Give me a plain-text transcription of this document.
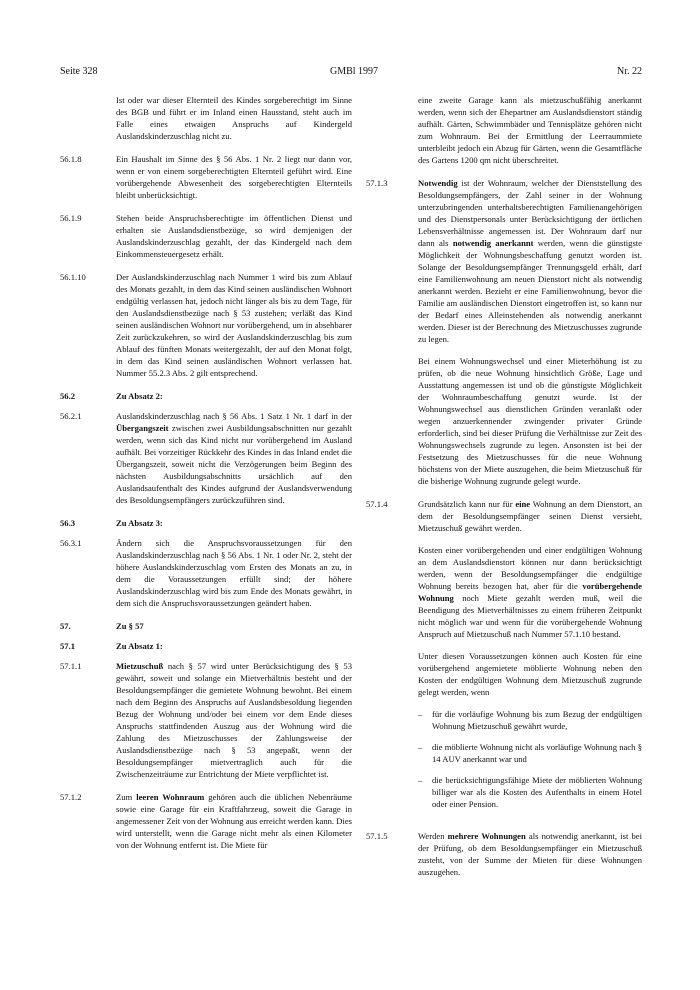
Seite 328	GMBl 1997	Nr. 22
Ist oder war dieser Elternteil des Kindes sorgeberechtigt im Sinne des BGB und führt er im Inland einen Hausstand, steht auch im Falle eines etwaigen Anspruchs auf Kindergeld Auslandskinderzuschlag nicht zu.
56.1.8	Ein Haushalt im Sinne des § 56 Abs. 1 Nr. 2 liegt nur dann vor, wenn er von einem sorgeberechtigten Elternteil geführt wird. Eine vorübergehende Abwesenheit des sorgeberechtigten Elternteils bleibt unberücksichtigt.
56.1.9	Stehen beide Anspruchsberechtigte im öffentlichen Dienst und erhalten sie Auslandsdienstbezüge, so wird demjenigen der Auslandskinderzuschlag gezahlt, der das Kindergeld nach dem Einkommensteuergesetz erhält.
56.1.10	Der Auslandskinderzuschlag nach Nummer 1 wird bis zum Ablauf des Monats gezahlt, in dem das Kind seinen ausländischen Wohnort endgültig verlassen hat, jedoch nicht länger als bis zu dem Tage, für den Auslandsdienstbezüge nach § 53 zustehen; verläßt das Kind seinen ausländischen Wohnort nur vorübergehend, um in absehbarer Zeit zurückzukehren, so wird der Auslandskinderzuschlag bis zum Ablauf des fünften Monats weitergezahlt, der auf den Monat folgt, in dem das Kind seinen ausländischen Wohnort verlassen hat. Nummer 55.2.3 Abs. 2 gilt entsprechend.
56.2	Zu Absatz 2:
56.2.1	Auslandskinderzuschlag nach § 56 Abs. 1 Satz 1 Nr. 1 darf in der Übergangszeit zwischen zwei Ausbildungsabschnitten nur gezahlt werden, wenn sich das Kind nicht nur vorübergehend im Ausland aufhält. Bei vorzeitiger Rückkehr des Kindes in das Inland endet die Übergangszeit, soweit nicht die Verzögerungen beim Beginn des nächsten Ausbildungsabschnitts ursächlich auf den Auslandsaufenthalt des Kindes aufgrund der Auslandsverwendung des Besoldungsempfängers zurückzuführen sind.
56.3	Zu Absatz 3:
56.3.1	Ändern sich die Anspruchsvoraussetzungen für den Auslandskinderzuschlag nach § 56 Abs. 1 Nr. 1 oder Nr. 2, steht der höhere Auslandskinderzuschlag vom Ersten des Monats an zu, in dem die Voraussetzungen erfüllt sind; der höhere Auslandskinderzuschlag wird bis zum Ende des Monats gewährt, in dem sich die Anspruchsvoraussetzungen geändert haben.
57.	Zu § 57
57.1	Zu Absatz 1:
57.1.1	Mietzuschuß nach § 57 wird unter Berücksichtigung des § 53 gewährt, soweit und solange ein Mietverhältnis besteht und der Besoldungsempfänger die gemietete Wohnung bewohnt. Bei einem nach dem Beginn des Anspruchs auf Auslandsbesoldung liegenden Bezug der Wohnung und/oder bei einem vor dem Ende dieses Anspruchs stattfindenden Auszug aus der Wohnung wird die Zahlung des Mietzuschusses der Zahlungsweise der Auslandsdienstbezüge nach § 53 angepaßt, wenn der Besoldungsempfänger mietvertraglich auch für die Zwischenzeiträume zur Entrichtung der Miete verpflichtet ist.
57.1.2	Zum leeren Wohnraum gehören auch die üblichen Nebenräume sowie eine Garage für ein Kraftfahrzeug, soweit die Garage in angemessener Zeit von der Wohnung aus erreicht werden kann. Dies wird unterstellt, wenn die Garage nicht mehr als einen Kilometer von der Wohnung entfernt ist. Die Miete für
eine zweite Garage kann als mietzuschußfähig anerkannt werden, wenn sich der Ehepartner am Auslandsdienstort ständig aufhält. Gärten, Schwimmbäder und Tennisplätze gehören nicht zum Wohnraum. Bei der Ermittlung der Leerraummiete unterbleibt jedoch ein Abzug für Gärten, wenn die Gesamtfläche des Gartens 1200 qm nicht überschreitet.
57.1.3	Notwendig ist der Wohnraum, welcher der Dienststellung des Besoldungsempfängers, der Zahl seiner in der Wohnung unterzubringenden unterhaltsberechtigten Familienangehörigen und des Dienstpersonals unter Berücksichtigung der örtlichen Lebensverhältnisse angemessen ist. Der Wohnraum darf nur dann als notwendig anerkannt werden, wenn die günstigste Möglichkeit der Wohnungsbeschaffung genutzt worden ist. Solange der Besoldungsempfänger Trennungsgeld erhält, darf eine Familienwohnung am neuen Dienstort nicht als notwendig anerkannt werden. Bezieht er eine Familienwohnung, bevor die Familie am ausländischen Dienstort eingetroffen ist, so kann nur der Bedarf eines Alleinstehenden als notwendig anerkannt werden. Dieser ist der Berechnung des Mietzuschusses zugrunde zu legen.

Bei einem Wohnungswechsel und einer Mieterhöhung ist zu prüfen, ob die neue Wohnung hinsichtlich Größe, Lage und Ausstattung angemessen ist und ob die günstigste Möglichkeit der Wohnraumbeschaffung genutzt wurde. Ist der Wohnungswechsel aus dienstlichen Gründen veranlaßt oder wegen anzuerkennender zwingender privater Gründe erforderlich, sind bei dieser Prüfung die Verhältnisse zur Zeit des Wohnungswechsels zugrunde zu legen. Ansonsten ist bei der Festsetzung des Mietzuschusses für die neue Wohnung höchstens von der Miete auszugehen, die beim Mietzuschuß für die bisherige Wohnung zugrunde gelegt wurde.

57.1.4	Grundsätzlich kann nur für eine Wohnung an dem Dienstort, an dem der Besoldungsempfänger seinen Dienst versieht, Mietzuschuß gewährt werden.

Kosten einer vorübergehenden und einer endgültigen Wohnung an dem Auslandsdienstort können nur dann berücksichtigt werden, wenn der Besoldungsempfänger die endgültige Wohnung bereits bezogen hat, aber für die vorübergehende Wohnung noch Miete gezahlt werden muß, weil die Beendigung des Mietverhältnisses zu einem früheren Zeitpunkt nicht möglich war und wenn für die vorübergehende Wohnung Anspruch auf Mietzuschuß nach Nummer 57.1.10 bestand.

Unter diesen Voraussetzungen können auch Kosten für eine vorübergehend angemietete möblierte Wohnung neben den Kosten der endgültigen Wohnung dem Mietzuschuß zugrunde gelegt werden, wenn

–	für die vorläufige Wohnung bis zum Bezug der endgültigen Wohnung Mietzuschuß gewährt wurde,
–	die möblierte Wohnung nicht als vorläufige Wohnung nach § 14 AUV anerkannt war und
–	die berücksichtigungsfähige Miete der möblierten Wohnung billiger war als die Kosten des Aufenthalts in einem Hotel oder einer Pension.
57.1.5	Werden mehrere Wohnungen als notwendig anerkannt, ist bei der Prüfung, ob dem Besoldungsempfänger ein Mietzuschuß zusteht, von der Summe der Mieten für diese Wohnungen auszugehen.
